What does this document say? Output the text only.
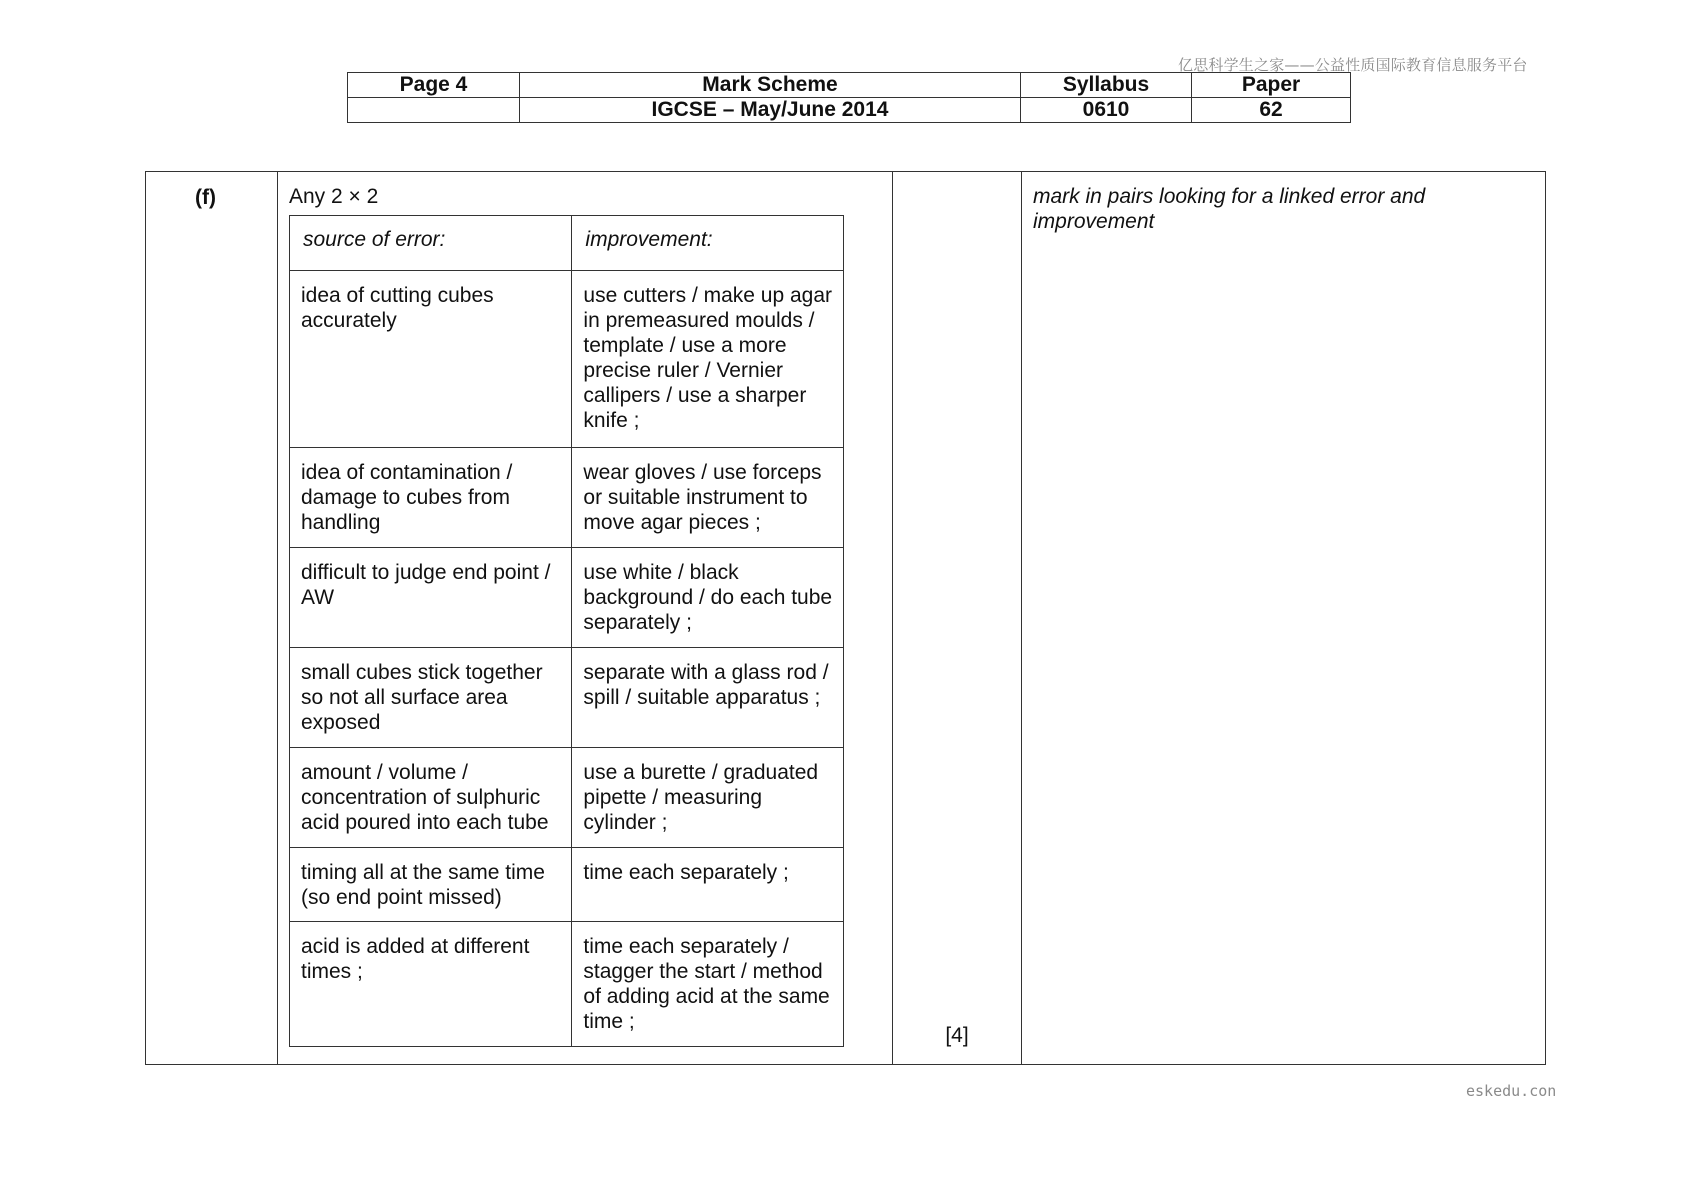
亿思科学生之家——公益性质国际教育信息服务平台
Page 4	Mark Scheme	Syllabus	Paper
	IGCSE – May/June 2014	0610	62
(f)	Any 2 × 2
source of error:	improvement:
idea of cutting cubes accurately	use cutters / make up agar in premeasured moulds / template / use a more precise ruler / Vernier callipers / use a sharper knife ;
idea of contamination / damage to cubes from handling	wear gloves / use forceps or suitable instrument to move agar pieces ;
difficult to judge end point / AW	use white / black background / do each tube separately ;
small cubes stick together so not all surface area exposed	separate with a glass rod / spill / suitable apparatus ;
amount / volume / concentration of sulphuric acid poured into each tube	use a burette / graduated pipette / measuring cylinder ;
timing all at the same time (so end point missed)	time each separately ;
acid is added at different times ;	time each separately / stagger the start / method of adding acid at the same time ;

[4]
	mark in pairs looking for a linked error and improvement
eskedu.con
